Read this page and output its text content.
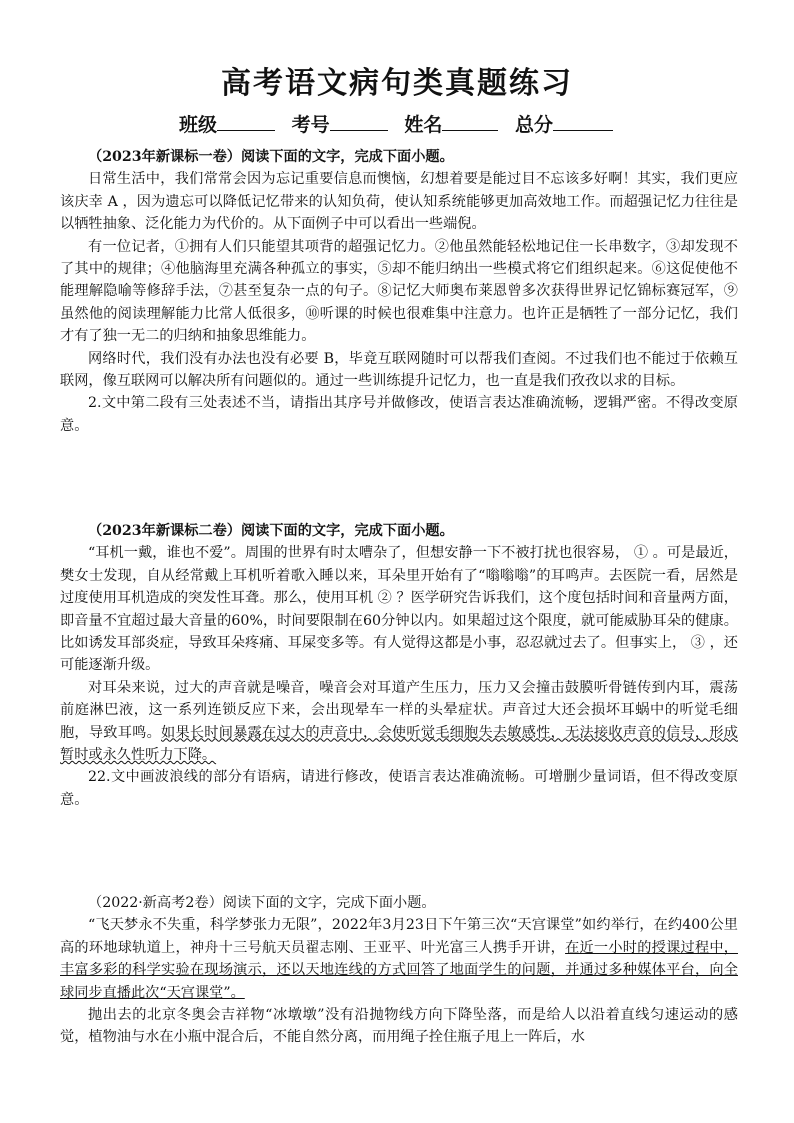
高考语文病句类真题练习
班级	考号	姓名	总分

（2023年新课标一卷）阅读下面的文字，完成下面小题。

日常生活中，我们常常会因为忘记重要信息而懊恼，幻想着要是能过目不忘该多好啊！其实，我们更应该庆幸 A ，因为遗忘可以降低记忆带来的认知负荷，使认知系统能够更加高效地工作。而超强记忆力往往是以牺牲抽象、泛化能力为代价的。从下面例子中可以看出一些端倪。

有一位记者，①拥有人们只能望其项背的超强记忆力。②他虽然能轻松地记住一长串数字，③却发现不了其中的规律；④他脑海里充满各种孤立的事实，⑤却不能归纳出一些模式将它们组织起来。⑥这促使他不能理解隐喻等修辞手法，⑦甚至复杂一点的句子。⑧记忆大师奥布莱恩曾多次获得世界记忆锦标赛冠军，⑨虽然他的阅读理解能力比常人低很多，⑩听课的时候也很难集中注意力。也许正是牺牲了一部分记忆，我们才有了独一无二的归纳和抽象思维能力。

网络时代，我们没有办法也没有必要 B，毕竟互联网随时可以帮我们查阅。不过我们也不能过于依赖互联网，像互联网可以解决所有问题似的。通过一些训练提升记忆力，也一直是我们孜孜以求的目标。

2.文中第二段有三处表述不当，请指出其序号并做修改，使语言表达准确流畅，逻辑严密。不得改变原意。

（2023年新课标二卷）阅读下面的文字，完成下面小题。

“耳机一戴，谁也不爱”。周围的世界有时太嘈杂了，但想安静一下不被打扰也很容易， ① 。可是最近，樊女士发现，自从经常戴上耳机听着歌入睡以来，耳朵里开始有了“嗡嗡嗡”的耳鸣声。去医院一看，居然是过度使用耳机造成的突发性耳聋。那么，使用耳机 ② ？医学研究告诉我们，这个度包括时间和音量两方面，即音量不宜超过最大音量的60%，时间要限制在60分钟以内。如果超过这个限度，就可能威胁耳朵的健康。比如诱发耳部炎症，导致耳朵疼痛、耳屎变多等。有人觉得这都是小事，忍忍就过去了。但事实上， ③ ，还可能逐渐升级。

对耳朵来说，过大的声音就是噪音，噪音会对耳道产生压力，压力又会撞击鼓膜听骨链传到内耳，震荡前庭淋巴液，这一系列连锁反应下来，会出现晕车一样的头晕症状。声音过大还会损坏耳蜗中的听觉毛细胞，导致耳鸣。如果长时间暴露在过大的声音中，会使听觉毛细胞失去敏感性，无法接收声音的信号，形成暂时或永久性听力下降。

22.文中画波浪线的部分有语病，请进行修改，使语言表达准确流畅。可增删少量词语，但不得改变原意。

（2022·新高考2卷）阅读下面的文字，完成下面小题。

“飞天梦永不失重，科学梦张力无限”，2022年3月23日下午第三次“天宫课堂”如约举行，在约400公里高的环地球轨道上，神舟十三号航天员翟志刚、王亚平、叶光富三人携手开讲，在近一小时的授课过程中，丰富多彩的科学实验在现场演示，还以天地连线的方式回答了地面学生的问题，并通过多种媒体平台，向全球同步直播此次“天宫课堂”。

抛出去的北京冬奥会吉祥物“冰墩墩”没有沿抛物线方向下降坠落，而是给人以沿着直线匀速运动的感觉，植物油与水在小瓶中混合后，不能自然分离，而用绳子拴住瓶子甩上一阵后，水
